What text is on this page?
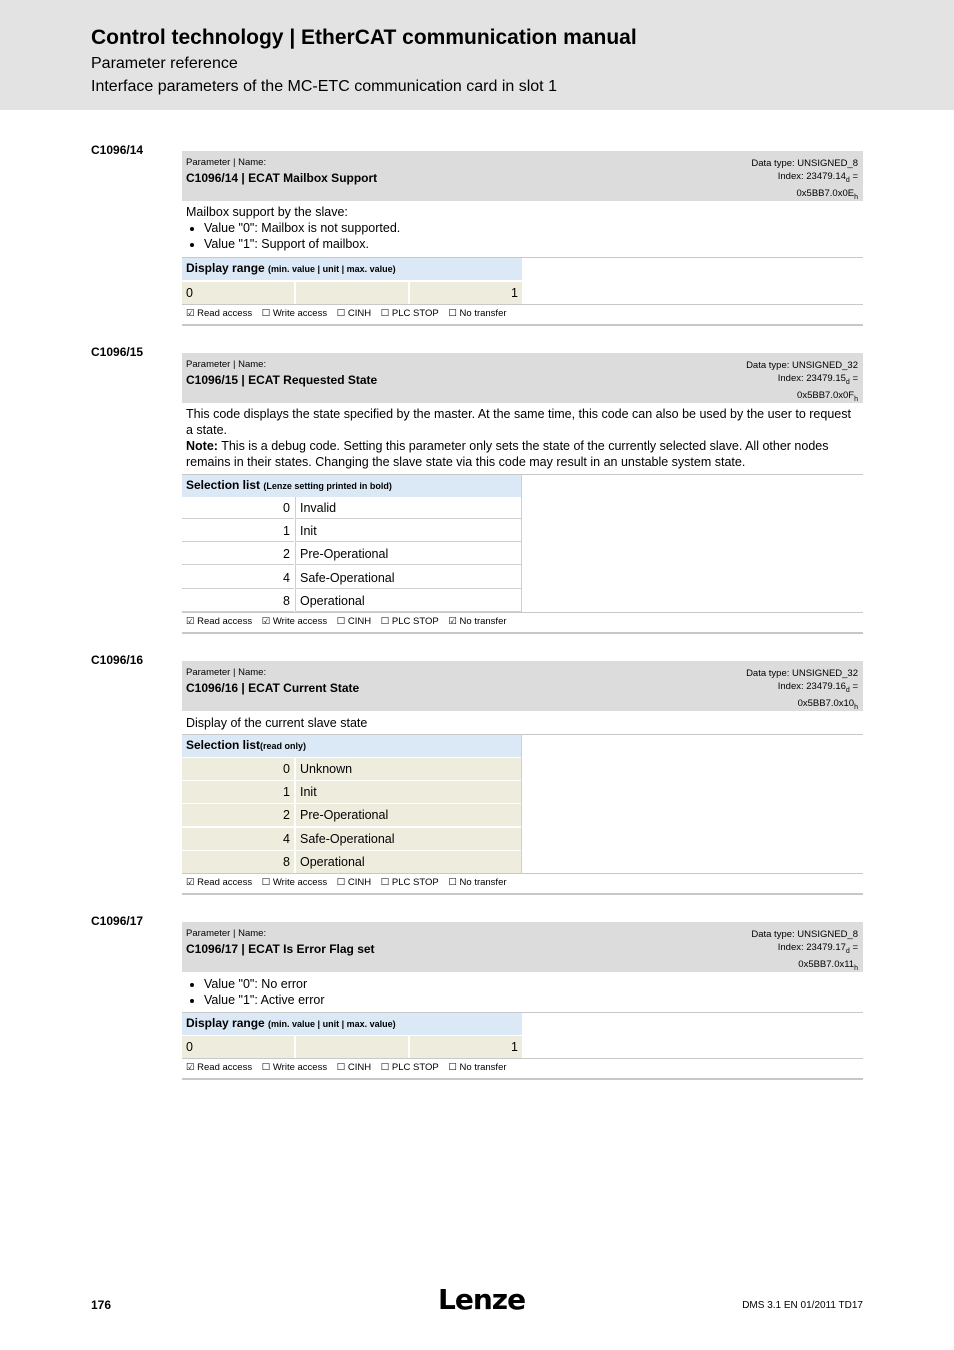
Control technology | EtherCAT communication manual
Parameter reference
Interface parameters of the MC-ETC communication card in slot 1
C1096/14
Parameter | Name:
C1096/14 | ECAT Mailbox Support
Data type: UNSIGNED_8
Index: $23479.14_d$ =
$0x5BB7.0x0E_h$
Mailbox support by the slave:
• Value "0": Mailbox is not supported.
• Value "1": Support of mailbox.
Display range (min. value | unit | max. value)
0	1
☑ Read access ☐ Write access ☐ CINH ☐ PLC STOP ☐ No transfer
C1096/15
Parameter | Name:
C1096/15 | ECAT Requested State
Data type: UNSIGNED_32
Index: $23479.15_d$ =
$0x5BB7.0x0F_h$
This code displays the state specified by the master. At the same time, this code can also be used by the user to request a state.
Note: This is a debug code. Setting this parameter only sets the state of the currently selected slave. All other nodes remains in their states. Changing the slave state via this code may result in an unstable system state.
Selection list (Lenze setting printed in bold)
0 Invalid
1 Init
2 Pre-Operational
4 Safe-Operational
8 Operational
☑ Read access ☑ Write access ☐ CINH ☐ PLC STOP ☑ No transfer
C1096/16
Parameter | Name:
C1096/16 | ECAT Current State
Data type: UNSIGNED_32
Index: $23479.16_d$ =
$0x5BB7.0x10_h$
Display of the current slave state
Selection list(read only)
0 Unknown
1 Init
2 Pre-Operational
4 Safe-Operational
8 Operational
☑ Read access ☐ Write access ☐ CINH ☐ PLC STOP ☐ No transfer
C1096/17
Parameter | Name:
C1096/17 | ECAT Is Error Flag set
Data type: UNSIGNED_8
Index: $23479.17_d$ =
$0x5BB7.0x11_h$
• Value "0": No error
• Value "1": Active error
Display range (min. value | unit | max. value)
0	1
☑ Read access ☐ Write access ☐ CINH ☐ PLC STOP ☐ No transfer
176	Lenze	DMS 3.1 EN 01/2011 TD17
